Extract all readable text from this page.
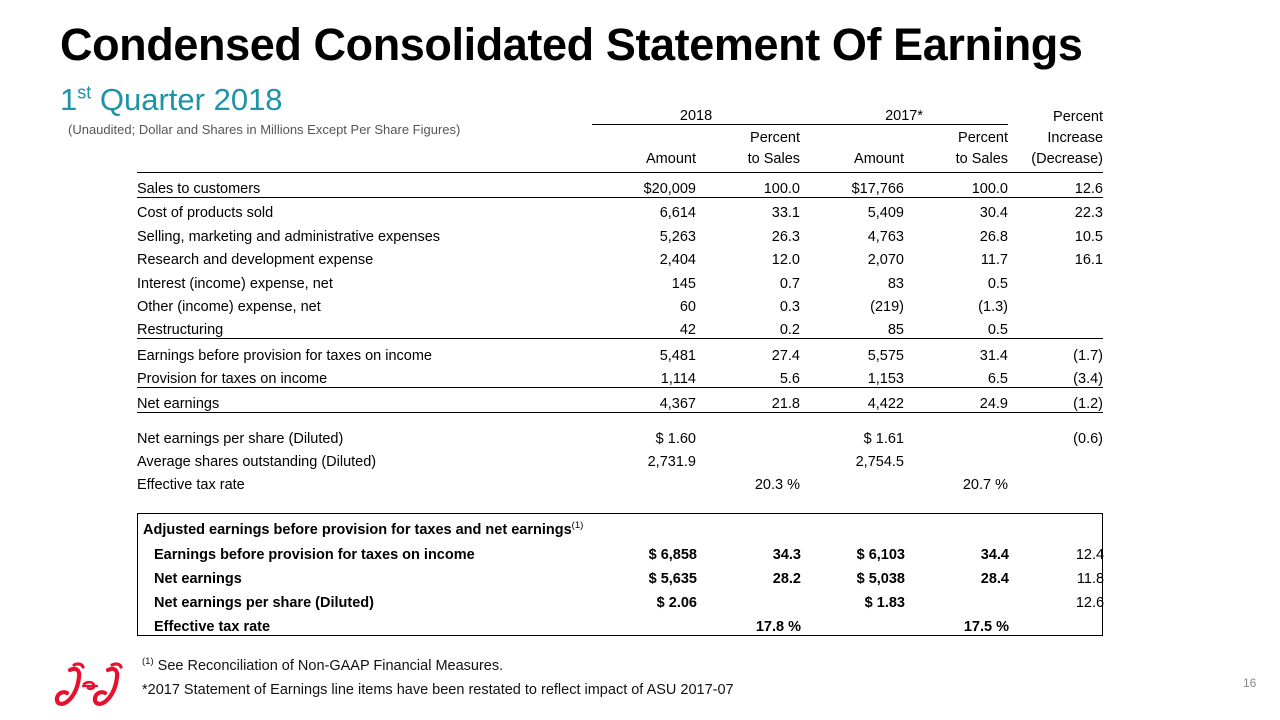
Condensed Consolidated Statement Of Earnings
1st Quarter 2018
(Unaudited; Dollar and Shares in Millions Except Per Share Figures)
	2018		2017*		Percent
		Percent		Percent	Increase
	Amount	to Sales	Amount	to Sales	(Decrease)
Sales to customers	$20,009	100.0	$17,766	100.0	12.6
Cost of products sold	6,614	33.1	5,409	30.4	22.3
Selling, marketing and administrative expenses	5,263	26.3	4,763	26.8	10.5
Research and development expense	2,404	12.0	2,070	11.7	16.1
Interest (income) expense, net	145	0.7	83	0.5	
Other (income) expense, net	60	0.3	(219)	(1.3)	
Restructuring	42	0.2	85	0.5	
Earnings before provision for taxes on income	5,481	27.4	5,575	31.4	(1.7)
Provision for taxes on income	1,114	5.6	1,153	6.5	(3.4)
Net earnings	4,367	21.8	4,422	24.9	(1.2)
Net earnings per share (Diluted)	$ 1.60		$ 1.61		(0.6)
Average shares outstanding (Diluted)	2,731.9		2,754.5		
Effective tax rate		20.3 %		20.7 %	
Adjusted earnings before provision for taxes and net earnings$^{(1)}$
Earnings before provision for taxes on income	$ 6,858	34.3	$ 6,103	34.4	12.4
Net earnings	$ 5,635	28.2	$ 5,038	28.4	11.8
Net earnings per share (Diluted)	$ 2.06		$ 1.83		12.6
Effective tax rate		17.8 %		17.5 %	
$^{(1)}$ See Reconciliation of Non-GAAP Financial Measures.
*2017 Statement of Earnings line items have been restated to reflect impact of ASU 2017-07	16
